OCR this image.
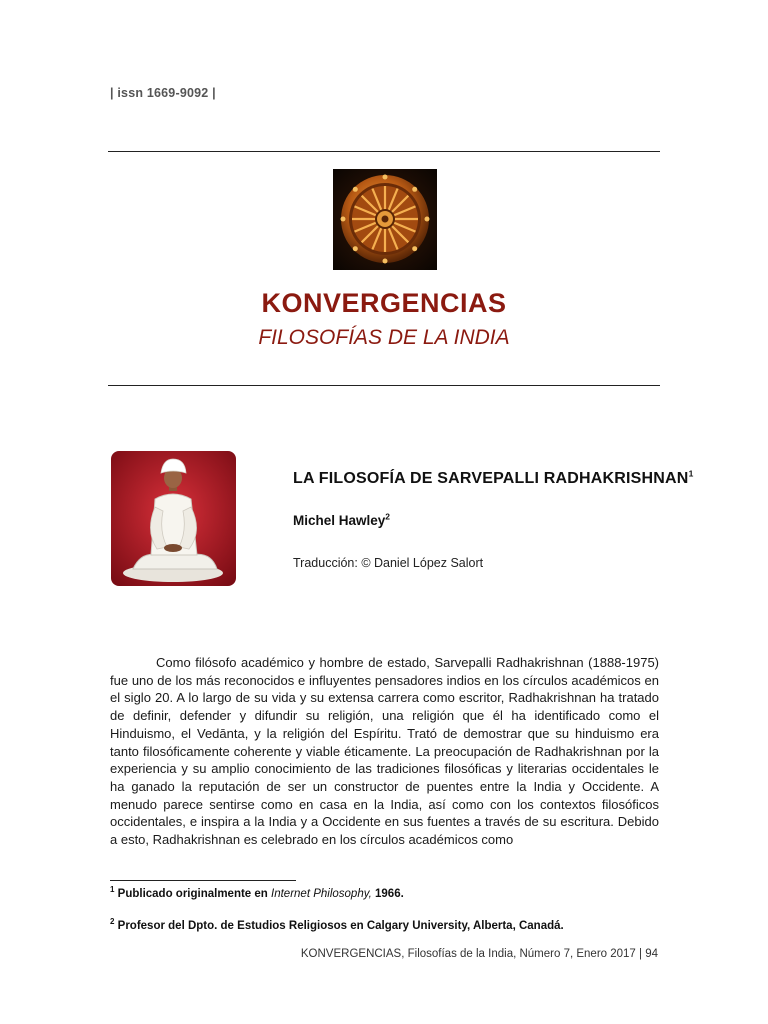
| issn 1669-9092 |
KONVERGENCIAS
FILOSOFÍAS DE LA INDIA
LA FILOSOFÍA DE SARVEPALLI RADHAKRISHNAN$^1$
Michel Hawley$^2$
Traducción: © Daniel López Salort
Como filósofo académico y hombre de estado, Sarvepalli Radhakrishnan (1888-1975) fue uno de los más reconocidos e influyentes pensadores indios en los círculos académicos en el siglo 20. A lo largo de su vida y su extensa carrera como escritor, Radhakrishnan ha tratado de definir, defender y difundir su religión, una religión que él ha identificado como el Hinduismo, el Vedānta, y la religión del Espíritu. Trató de demostrar que su hinduismo era tanto filosóficamente coherente y viable éticamente. La preocupación de Radhakrishnan por la experiencia y su amplio conocimiento de las tradiciones filosóficas y literarias occidentales le ha ganado la reputación de ser un constructor de puentes entre la India y Occidente. A menudo parece sentirse como en casa en la India, así como con los contextos filosóficos occidentales, e inspira a la India y a Occidente en sus fuentes a través de su escritura. Debido a esto, Radhakrishnan es celebrado en los círculos académicos como
$^1$ Publicado originalmente en Internet Philosophy, 1966.
$^2$ Profesor del Dpto. de Estudios Religiosos en Calgary University, Alberta, Canadá.
KONVERGENCIAS, Filosofías de la India, Número 7, Enero 2017 | 94
